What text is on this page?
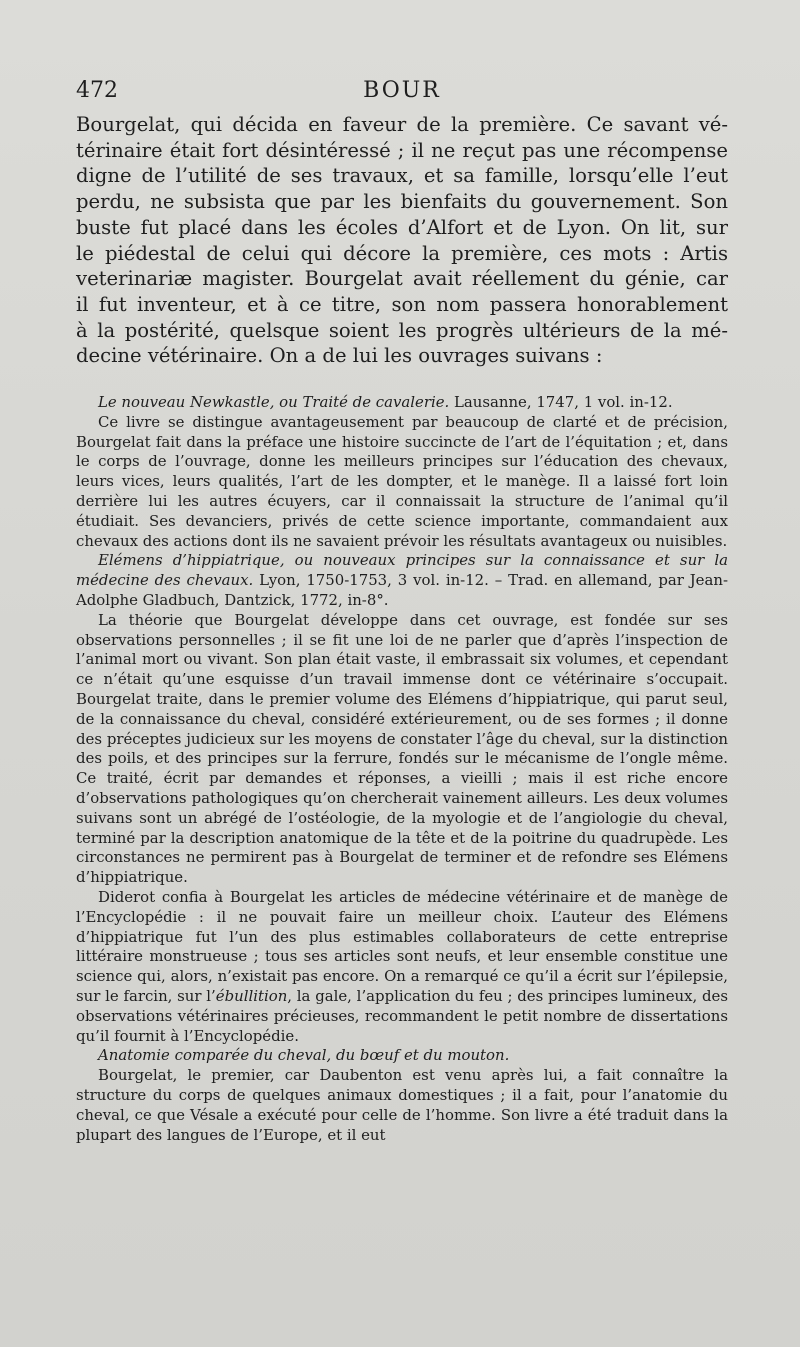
472	BOUR

Bourgelat, qui décida en faveur de la première. Ce savant vé-

térinaire était fort désintéressé ; il ne reçut pas une récompense

digne de l’utilité de ses travaux, et sa famille, lorsqu’elle l’eut

perdu, ne subsista que par les bienfaits du gouvernement. Son

buste fut placé dans les écoles d’Alfort et de Lyon. On lit, sur

le piédestal de celui qui décore la première, ces mots : Artis

veterinariæ magister. Bourgelat avait réellement du génie, car

il fut inventeur, et à ce titre, son nom passera honorablement

à la postérité, quelsque soient les progrès ultérieurs de la mé-

decine vétérinaire. On a de lui les ouvrages suivans :

Le nouveau Newkastle, ou Traité de cavalerie. Lausanne, 1747, 1 vol. in-12.

Ce livre se distingue avantageusement par beaucoup de clarté et de précision, Bourgelat fait dans la préface une histoire succincte de l’art de l’équitation ; et, dans le corps de l’ouvrage, donne les meilleurs principes sur l’éducation des chevaux, leurs vices, leurs qualités, l’art de les dompter, et le manège. Il a laissé fort loin derrière lui les autres écuyers, car il connaissait la structure de l’animal qu’il étudiait. Ses devanciers, privés de cette science importante, commandaient aux chevaux des actions dont ils ne savaient prévoir les résultats avantageux ou nuisibles.

Elémens d’hippiatrique, ou nouveaux principes sur la connaissance et sur la médecine des chevaux. Lyon, 1750-1753, 3 vol. in-12. – Trad. en allemand, par Jean-Adolphe Gladbuch, Dantzick, 1772, in-8°.

La théorie que Bourgelat développe dans cet ouvrage, est fondée sur ses observations personnelles ; il se fit une loi de ne parler que d’après l’inspection de l’animal mort ou vivant. Son plan était vaste, il embrassait six volumes, et cependant ce n’était qu’une esquisse d’un travail immense dont ce vétérinaire s’occupait. Bourgelat traite, dans le premier volume des Elémens d’hippiatrique, qui parut seul, de la connaissance du cheval, considéré extérieurement, ou de ses formes ; il donne des préceptes judicieux sur les moyens de constater l’âge du cheval, sur la distinction des poils, et des principes sur la ferrure, fondés sur le mécanisme de l’ongle même. Ce traité, écrit par demandes et réponses, a vieilli ; mais il est riche encore d’observations pathologiques qu’on chercherait vainement ailleurs. Les deux volumes suivans sont un abrégé de l’ostéologie, de la myologie et de l’angiologie du cheval, terminé par la description anatomique de la tête et de la poitrine du quadrupède. Les circonstances ne permirent pas à Bourgelat de terminer et de refondre ses Elémens d’hippiatrique.

Diderot confia à Bourgelat les articles de médecine vétérinaire et de manège de l’Encyclopédie : il ne pouvait faire un meilleur choix. L’auteur des Elémens d’hippiatrique fut l’un des plus estimables collaborateurs de cette entreprise littéraire monstrueuse ; tous ses articles sont neufs, et leur ensemble constitue une science qui, alors, n’existait pas encore. On a remarqué ce qu’il a écrit sur l’épilepsie, sur le farcin, sur l’ébullition, la gale, l’application du feu ; des principes lumineux, des observations vétérinaires précieuses, recommandent le petit nombre de dissertations qu’il fournit à l’Encyclopédie.

Anatomie comparée du cheval, du bœuf et du mouton.

Bourgelat, le premier, car Daubenton est venu après lui, a fait connaître la structure du corps de quelques animaux domestiques ; il a fait, pour l’anatomie du cheval, ce que Vésale a exécuté pour celle de l’homme. Son livre a été traduit dans la plupart des langues de l’Europe, et il eut
